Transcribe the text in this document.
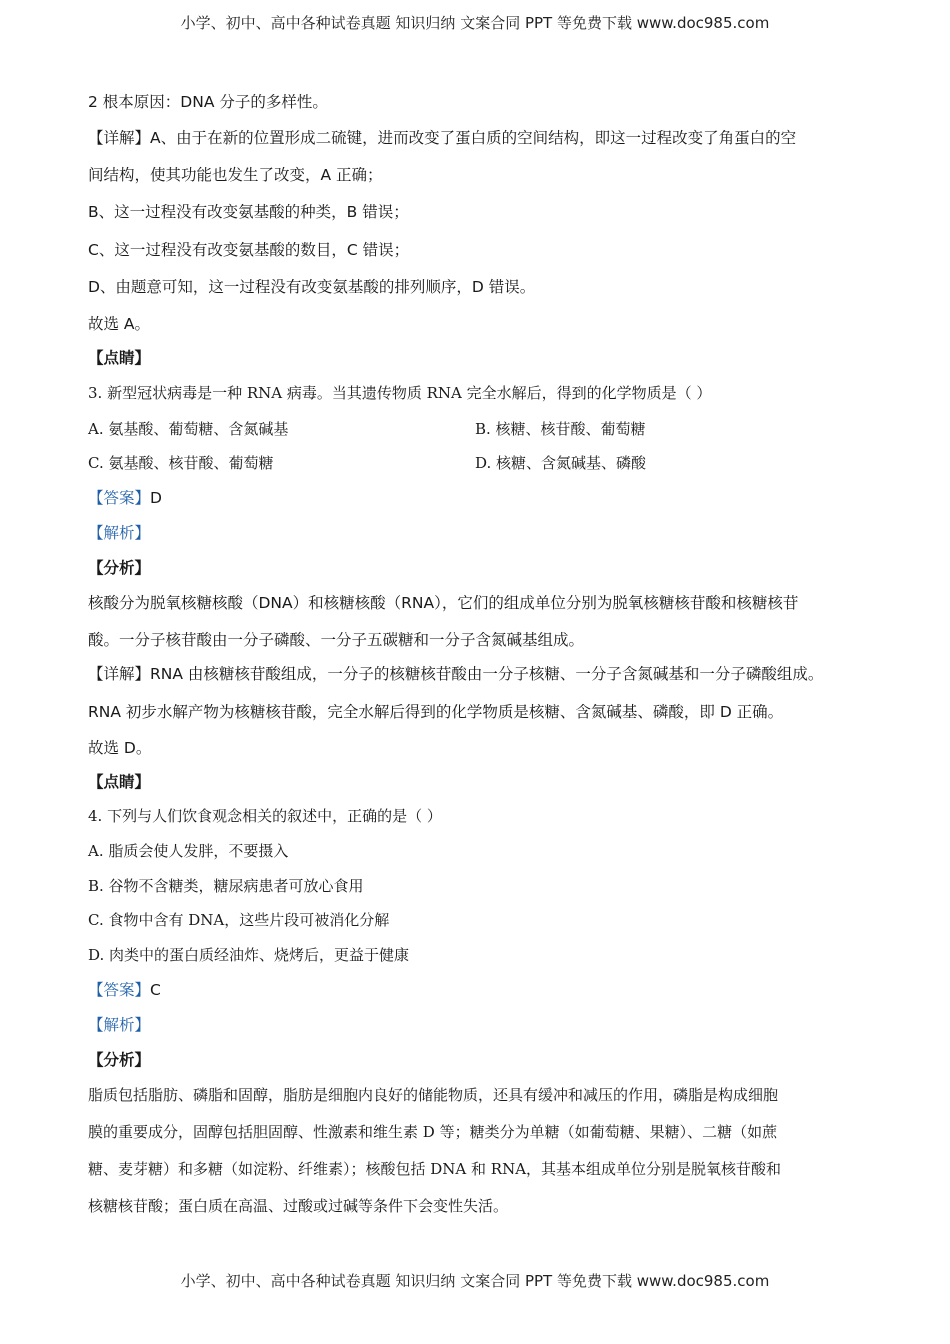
小学、初中、高中各种试卷真题 知识归纳 文案合同 PPT 等免费下载 www.doc985.com
2 根本原因：DNA 分子的多样性。
【详解】A、由于在新的位置形成二硫键，进而改变了蛋白质的空间结构，即这一过程改变了角蛋白的空
间结构，使其功能也发生了改变，A 正确；
B、这一过程没有改变氨基酸的种类，B 错误；
C、这一过程没有改变氨基酸的数目，C 错误；
D、由题意可知，这一过程没有改变氨基酸的排列顺序，D 错误。
故选 A。
【点睛】
3. 新型冠状病毒是一种 RNA 病毒。当其遗传物质 RNA 完全水解后，得到的化学物质是（ ）
A. 氨基酸、葡萄糖、含氮碱基	B. 核糖、核苷酸、葡萄糖
C. 氨基酸、核苷酸、葡萄糖	D. 核糖、含氮碱基、磷酸
【答案】D
【解析】
【分析】
核酸分为脱氧核糖核酸（DNA）和核糖核酸（RNA），它们的组成单位分别为脱氧核糖核苷酸和核糖核苷
酸。一分子核苷酸由一分子磷酸、一分子五碳糖和一分子含氮碱基组成。
【详解】RNA 由核糖核苷酸组成，一分子的核糖核苷酸由一分子核糖、一分子含氮碱基和一分子磷酸组成。
RNA 初步水解产物为核糖核苷酸，完全水解后得到的化学物质是核糖、含氮碱基、磷酸，即 D 正确。
故选 D。
【点睛】
4. 下列与人们饮食观念相关的叙述中，正确的是（ ）
A. 脂质会使人发胖，不要摄入
B. 谷物不含糖类，糖尿病患者可放心食用
C. 食物中含有 DNA，这些片段可被消化分解
D. 肉类中的蛋白质经油炸、烧烤后，更益于健康
【答案】C
【解析】
【分析】
脂质包括脂肪、磷脂和固醇，脂肪是细胞内良好的储能物质，还具有缓冲和减压的作用，磷脂是构成细胞
膜的重要成分，固醇包括胆固醇、性激素和维生素 D 等；糖类分为单糖（如葡萄糖、果糖）、二糖（如蔗
糖、麦芽糖）和多糖（如淀粉、纤维素）；核酸包括 DNA 和 RNA，其基本组成单位分别是脱氧核苷酸和
核糖核苷酸；蛋白质在高温、过酸或过碱等条件下会变性失活。
小学、初中、高中各种试卷真题 知识归纳 文案合同 PPT 等免费下载 www.doc985.com
